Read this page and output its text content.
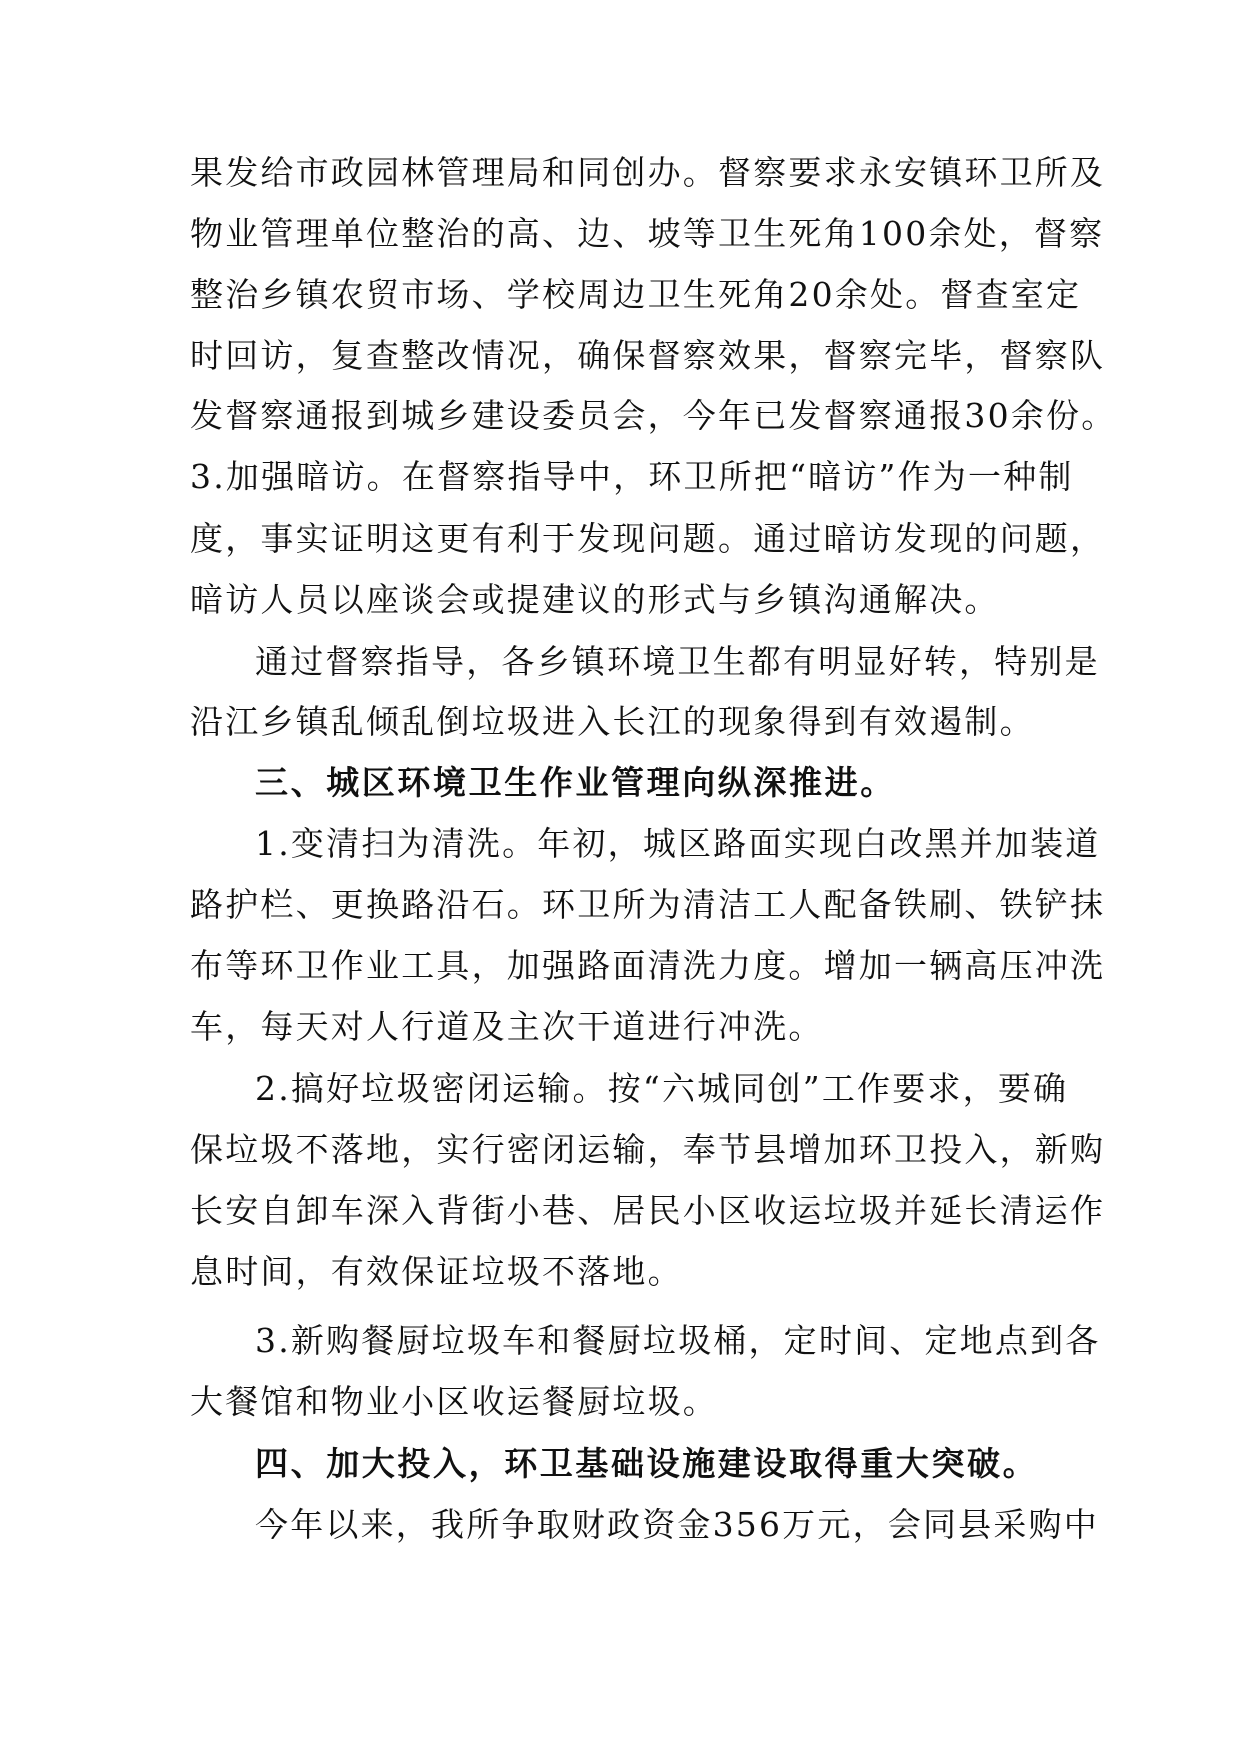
果发给市政园林管理局和同创办。督察要求永安镇环卫所及
物业管理单位整治的高、边、坡等卫生死角100余处，督察
整治乡镇农贸市场、学校周边卫生死角20余处。督查室定
时回访，复查整改情况，确保督察效果，督察完毕，督察队
发督察通报到城乡建设委员会，今年已发督察通报30余份。
3.加强暗访。在督察指导中，环卫所把“暗访”作为一种制
度，事实证明这更有利于发现问题。通过暗访发现的问题，
暗访人员以座谈会或提建议的形式与乡镇沟通解决。
通过督察指导，各乡镇环境卫生都有明显好转，特别是
沿江乡镇乱倾乱倒垃圾进入长江的现象得到有效遏制。
三、城区环境卫生作业管理向纵深推进。
1.变清扫为清洗。年初，城区路面实现白改黑并加装道
路护栏、更换路沿石。环卫所为清洁工人配备铁刷、铁铲抹
布等环卫作业工具，加强路面清洗力度。增加一辆高压冲洗
车，每天对人行道及主次干道进行冲洗。
2.搞好垃圾密闭运输。按“六城同创”工作要求，要确
保垃圾不落地，实行密闭运输，奉节县增加环卫投入，新购
长安自卸车深入背街小巷、居民小区收运垃圾并延长清运作
息时间，有效保证垃圾不落地。
3.新购餐厨垃圾车和餐厨垃圾桶，定时间、定地点到各
大餐馆和物业小区收运餐厨垃圾。
四、加大投入，环卫基础设施建设取得重大突破。
今年以来，我所争取财政资金356万元，会同县采购中
